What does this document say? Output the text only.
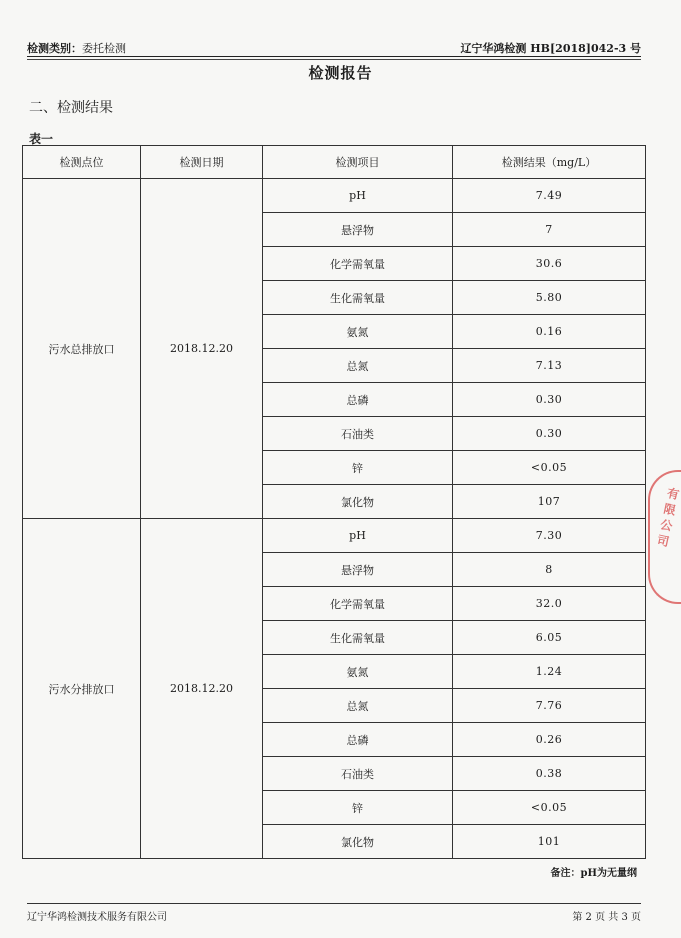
检测类别：委托检测	辽宁华鸿检测 HB[2018]042-3 号
检测报告
二、检测结果
表一
检测点位	检测日期	检测项目	检测结果（mg/L）
污水总排放口	2018.12.20	pH	7.49
		悬浮物	7
		化学需氧量	30.6
		生化需氧量	5.80
		氨氮	0.16
		总氮	7.13
		总磷	0.30
		石油类	0.30
		锌	<0.05
		氯化物	107
污水分排放口	2018.12.20	pH	7.30
		悬浮物	8
		化学需氧量	32.0
		生化需氧量	6.05
		氨氮	1.24
		总氮	7.76
		总磷	0.26
		石油类	0.38
		锌	<0.05
		氯化物	101
备注：pH为无量纲
辽宁华鸿检测技术服务有限公司	第 2 页 共 3 页
有限公司
